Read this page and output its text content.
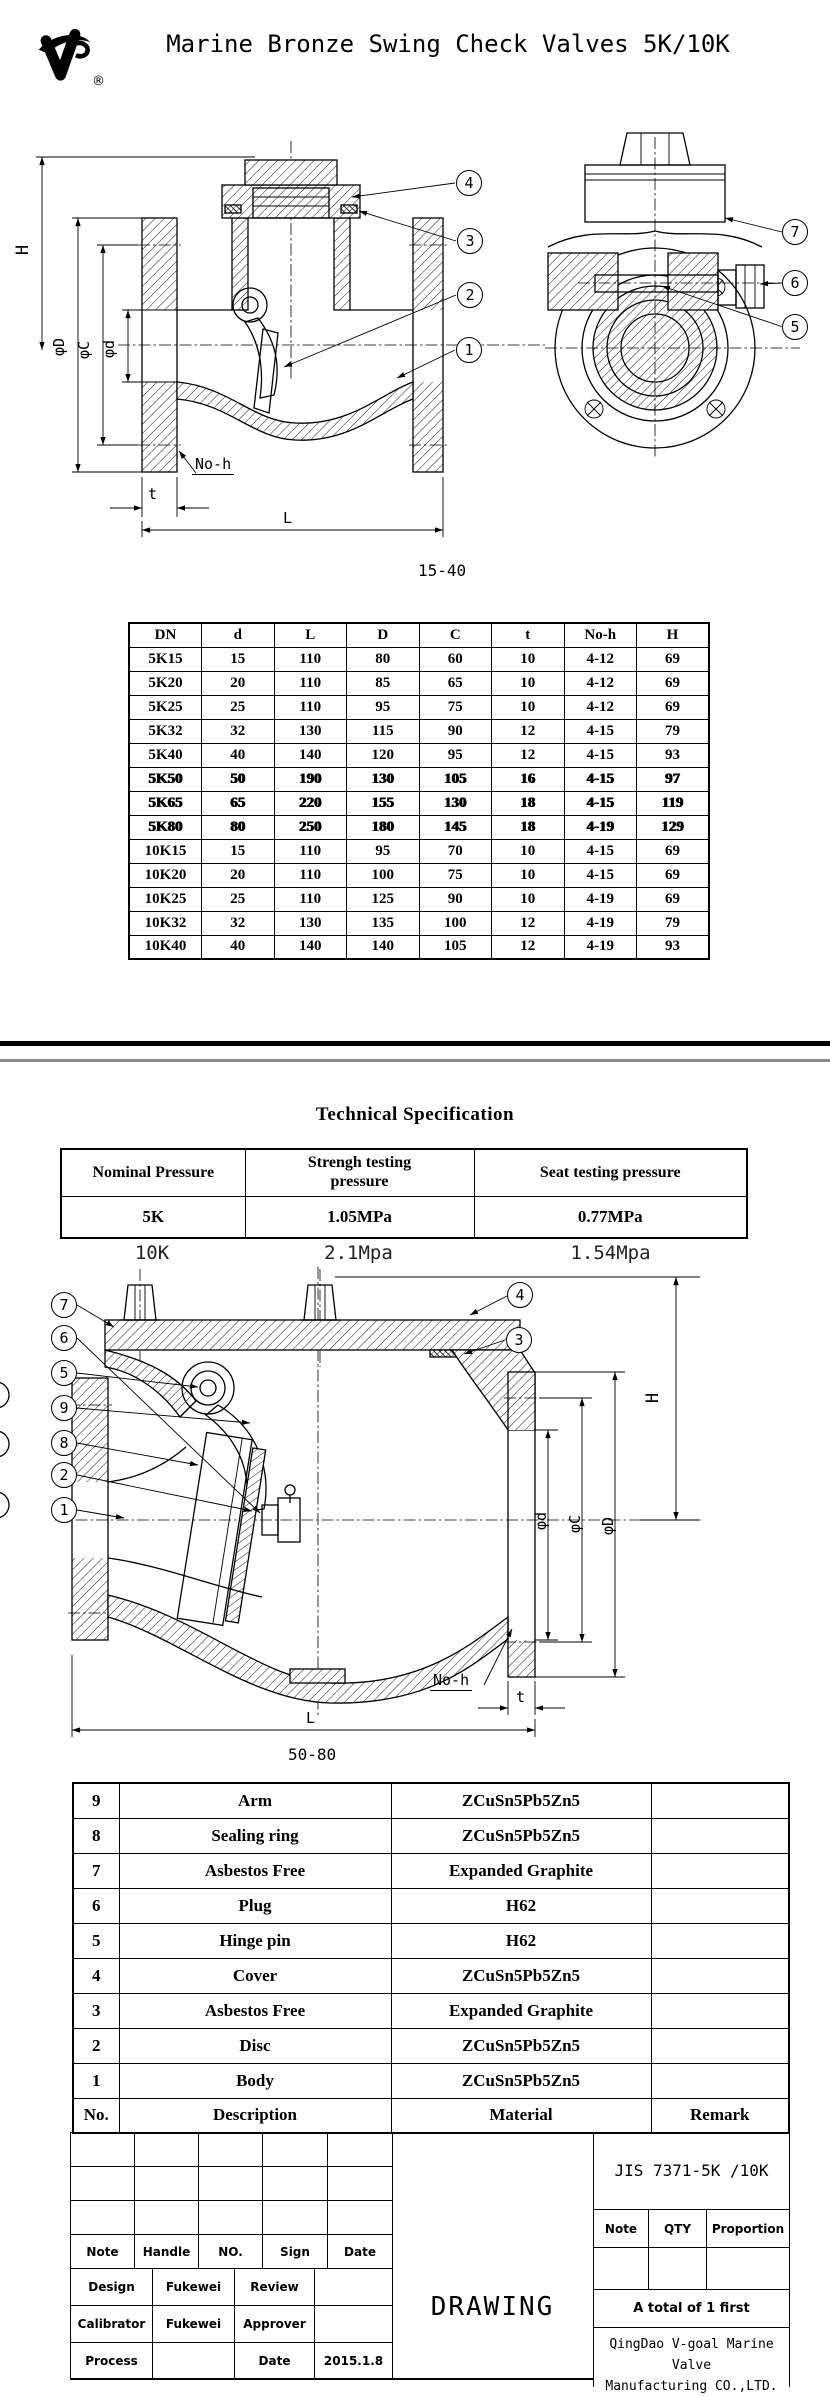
®
Marine Bronze Swing Check Valves 5K/10K
H
φD φC φd
No-h
t
L
15-40
4
3
2
1
7
6
5
DN	d	L	D	C	t	No-h	H
5K15	15	110	80	60	10	4-12	69
5K20	20	110	85	65	10	4-12	69
5K25	25	110	95	75	10	4-12	69
5K32	32	130	115	90	12	4-15	79
5K40	40	140	120	95	12	4-15	93
5K50	50	190	130	105	16	4-15	97
5K65	65	220	155	130	18	4-15	119
5K80	80	250	180	145	18	4-19	129
10K15	15	110	95	70	10	4-15	69
10K20	20	110	100	75	10	4-15	69
10K25	25	110	125	90	10	4-19	69
10K32	32	130	135	100	12	4-19	79
10K40	40	140	140	105	12	4-19	93
Technical Specification
Nominal Pressure	Strengh testing pressure	Seat testing pressure
5K	1.05MPa	0.77MPa
10K	2.1Mpa	1.54Mpa
H
φd φC φD
No-h
t
L
50-80
7
6
5
9
8
2
1
4
3
9	Arm	ZCuSn5Pb5Zn5	
8	Sealing ring	ZCuSn5Pb5Zn5	
7	Asbestos Free	Expanded Graphite	
6	Plug	H62	
5	Hinge pin	H62	
4	Cover	ZCuSn5Pb5Zn5	
3	Asbestos Free	Expanded Graphite	
2	Disc	ZCuSn5Pb5Zn5	
1	Body	ZCuSn5Pb5Zn5	
No.	Description	Material	Remark

Note	Handle	NO.	Sign	Date
Design	Fukewei	Review	
Calibrator	Fukewei	Approver	
Process		Date	2015.1.8
DRAWING
JIS 7371-5K /10K
Note	QTY	Proportion
A total of 1 first
QingDao V-goal Marine Valve
Manufacturing CO.,LTD.
